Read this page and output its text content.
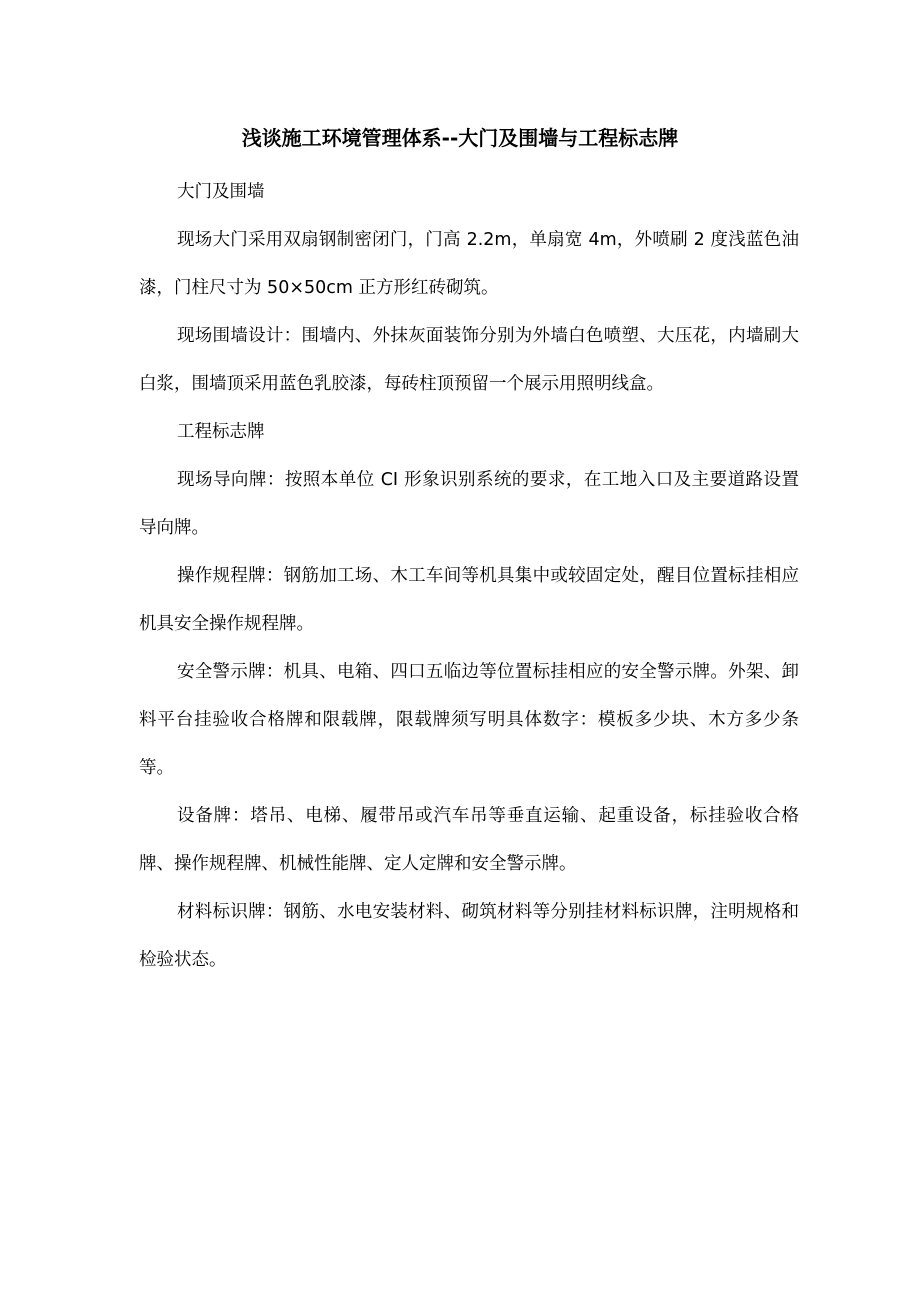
浅谈施工环境管理体系--大门及围墙与工程标志牌

大门及围墙

现场大门采用双扇钢制密闭门，门高 2.2m，单扇宽 4m，外喷刷 2 度浅蓝色油漆，门柱尺寸为 50×50cm 正方形红砖砌筑。

现场围墙设计：围墙内、外抹灰面装饰分别为外墙白色喷塑、大压花，内墙刷大白浆，围墙顶采用蓝色乳胶漆，每砖柱顶预留一个展示用照明线盒。

工程标志牌

现场导向牌：按照本单位 CI 形象识别系统的要求，在工地入口及主要道路设置导向牌。

操作规程牌：钢筋加工场、木工车间等机具集中或较固定处，醒目位置标挂相应机具安全操作规程牌。

安全警示牌：机具、电箱、四口五临边等位置标挂相应的安全警示牌。外架、卸料平台挂验收合格牌和限载牌，限载牌须写明具体数字：模板多少块、木方多少条等。

设备牌：塔吊、电梯、履带吊或汽车吊等垂直运输、起重设备，标挂验收合格牌、操作规程牌、机械性能牌、定人定牌和安全警示牌。

材料标识牌：钢筋、水电安装材料、砌筑材料等分别挂材料标识牌，注明规格和检验状态。
